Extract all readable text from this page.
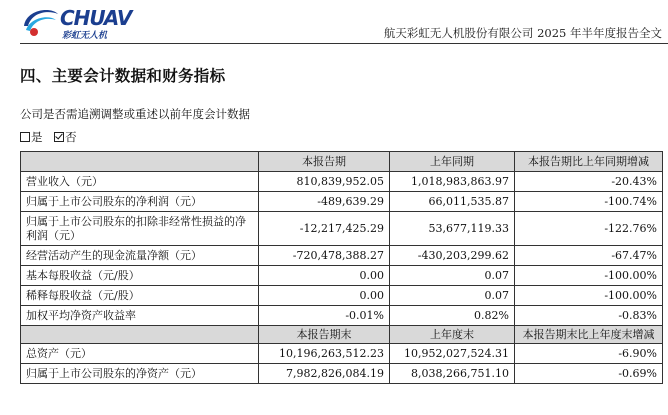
CHUAV
彩虹无人机	航天彩虹无人机股份有限公司 2025 年半年度报告全文
四、主要会计数据和财务指标
公司是否需追溯调整或重述以前年度会计数据
是 否
	本报告期	上年同期	本报告期比上年同期增减
营业收入（元）	810,839,952.05	1,018,983,863.97	-20.43%
归属于上市公司股东的净利润（元）	-489,639.29	66,011,535.87	-100.74%
归属于上市公司股东的扣除非经常性损益的净利润（元）	-12,217,425.29	53,677,119.33	-122.76%
经营活动产生的现金流量净额（元）	-720,478,388.27	-430,203,299.62	-67.47%
基本每股收益（元/股）	0.00	0.07	-100.00%
稀释每股收益（元/股）	0.00	0.07	-100.00%
加权平均净资产收益率	-0.01%	0.82%	-0.83%
	本报告期末	上年度末	本报告期末比上年度末增减
总资产（元）	10,196,263,512.23	10,952,027,524.31	-6.90%
归属于上市公司股东的净资产（元）	7,982,826,084.19	8,038,266,751.10	-0.69%
